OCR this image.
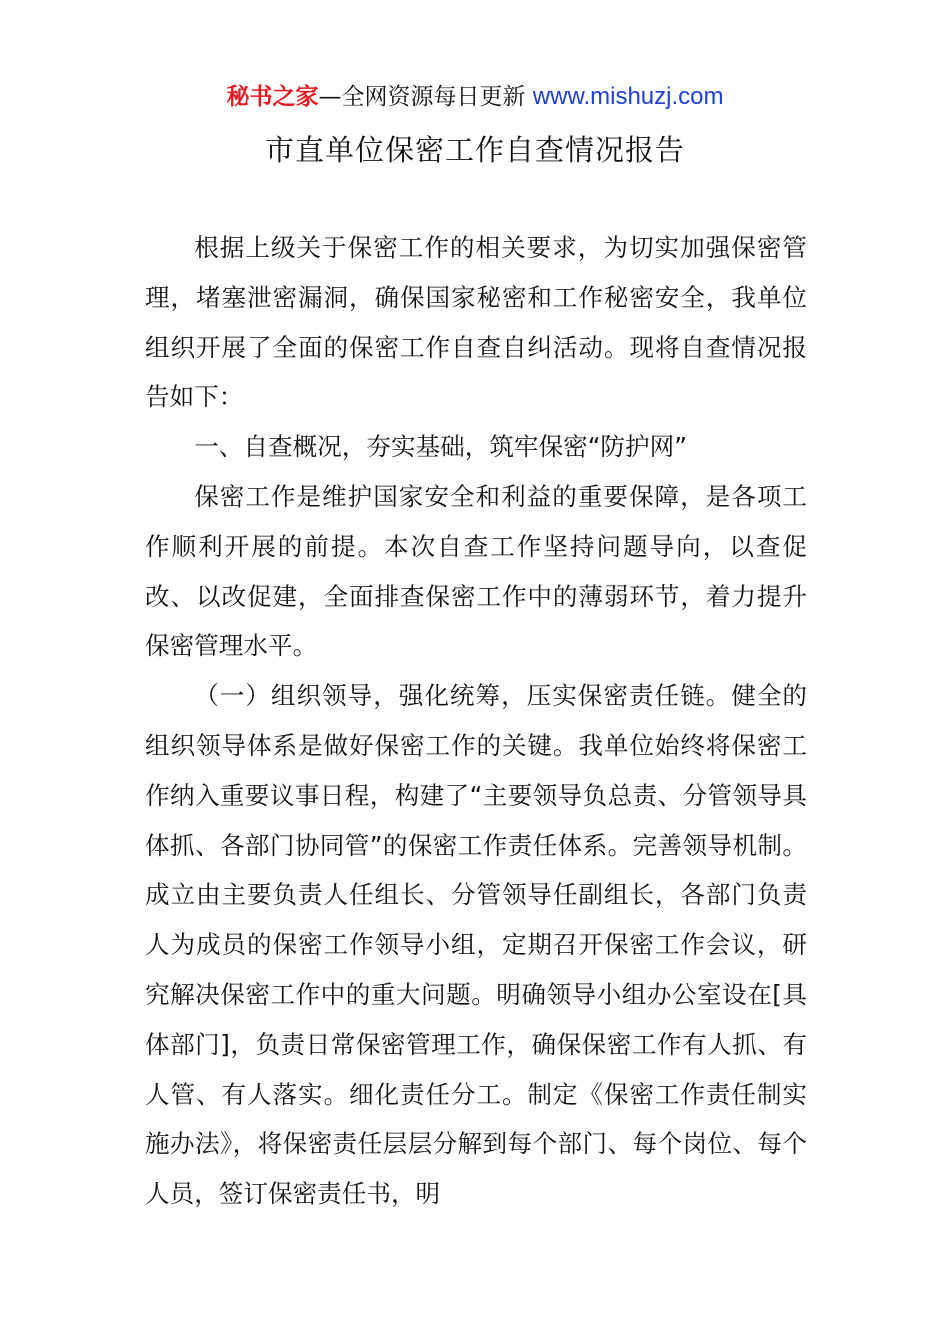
秘书之家—全网资源每日更新 www.mishuzj.com
市直单位保密工作自查情况报告

根据上级关于保密工作的相关要求，为切实加强保密管理，堵塞泄密漏洞，确保国家秘密和工作秘密安全，我单位组织开展了全面的保密工作自查自纠活动。现将自查情况报告如下：

一、自查概况，夯实基础，筑牢保密“防护网”

保密工作是维护国家安全和利益的重要保障，是各项工作顺利开展的前提。本次自查工作坚持问题导向，以查促改、以改促建，全面排查保密工作中的薄弱环节，着力提升保密管理水平。

（一）组织领导，强化统筹，压实保密责任链。健全的组织领导体系是做好保密工作的关键。我单位始终将保密工作纳入重要议事日程，构建了“主要领导负总责、分管领导具体抓、各部门协同管”的保密工作责任体系。完善领导机制。成立由主要负责人任组长、分管领导任副组长，各部门负责人为成员的保密工作领导小组，定期召开保密工作会议，研究解决保密工作中的重大问题。明确领导小组办公室设在[具体部门]，负责日常保密管理工作，确保保密工作有人抓、有人管、有人落实。细化责任分工。制定《保密工作责任制实施办法》，将保密责任层层分解到每个部门、每个岗位、每个人员，签订保密责任书，明
